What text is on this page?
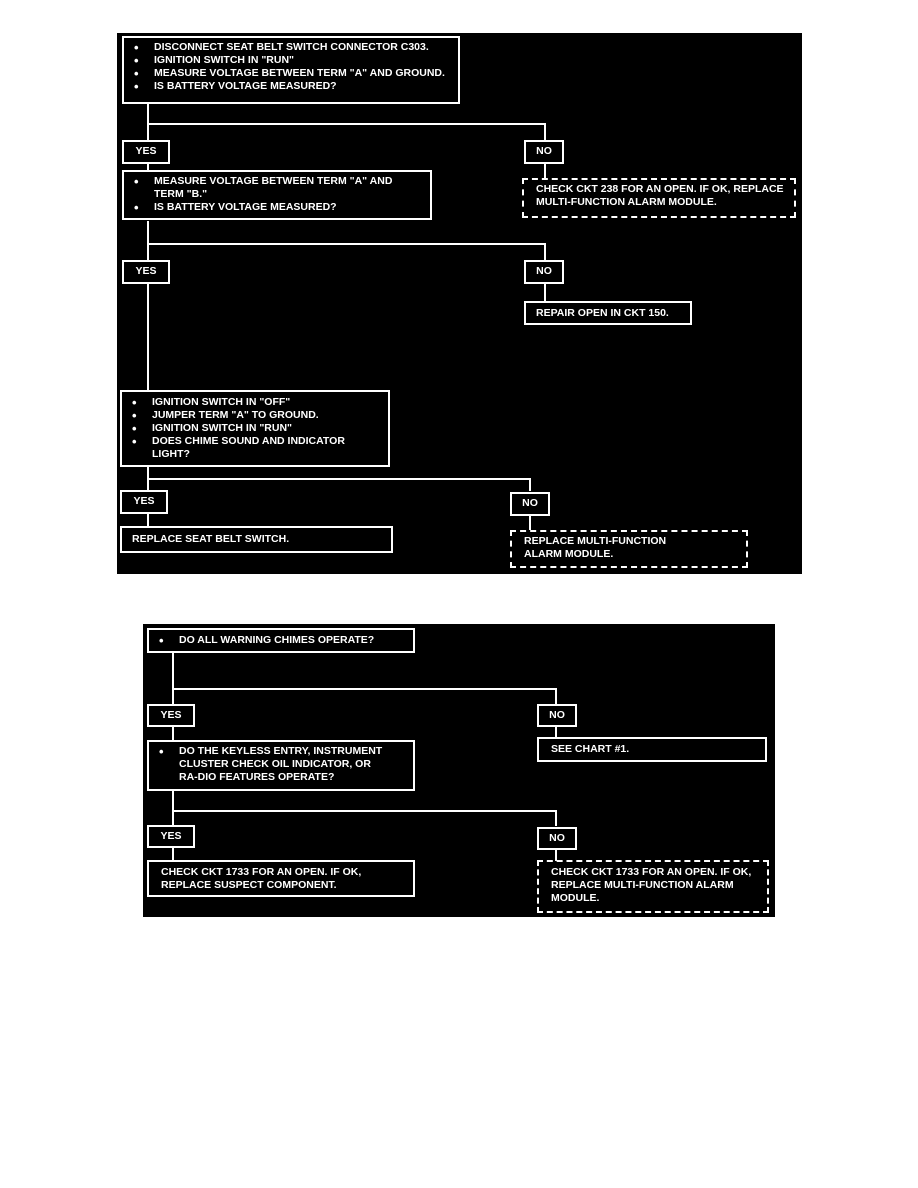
• DISCONNECT SEAT BELT SWITCH CONNECTOR C303.
• IGNITION SWITCH IN "RUN"
• MEASURE VOLTAGE BETWEEN TERM "A" AND GROUND.
• IS BATTERY VOLTAGE MEASURED?
YES	NO
• MEASURE VOLTAGE BETWEEN TERM "A" AND TERM "B."
• IS BATTERY VOLTAGE MEASURED?
CHECK CKT 238 FOR AN OPEN. IF OK, REPLACE MULTI-FUNCTION ALARM MODULE.
YES	NO
REPAIR OPEN IN CKT 150.
• IGNITION SWITCH IN "OFF"
• JUMPER TERM "A" TO GROUND.
• IGNITION SWITCH IN "RUN"
• DOES CHIME SOUND AND INDICATOR LIGHT?
YES	NO
REPLACE SEAT BELT SWITCH.	REPLACE MULTI-FUNCTION ALARM MODULE.
• DO ALL WARNING CHIMES OPERATE?
YES	NO
• DO THE KEYLESS ENTRY, INSTRUMENT CLUSTER CHECK OIL INDICATOR, OR RA-DIO FEATURES OPERATE?
SEE CHART #1.
YES	NO
CHECK CKT 1733 FOR AN OPEN. IF OK, REPLACE SUSPECT COMPONENT.
CHECK CKT 1733 FOR AN OPEN. IF OK, REPLACE MULTI-FUNCTION ALARM MODULE.
